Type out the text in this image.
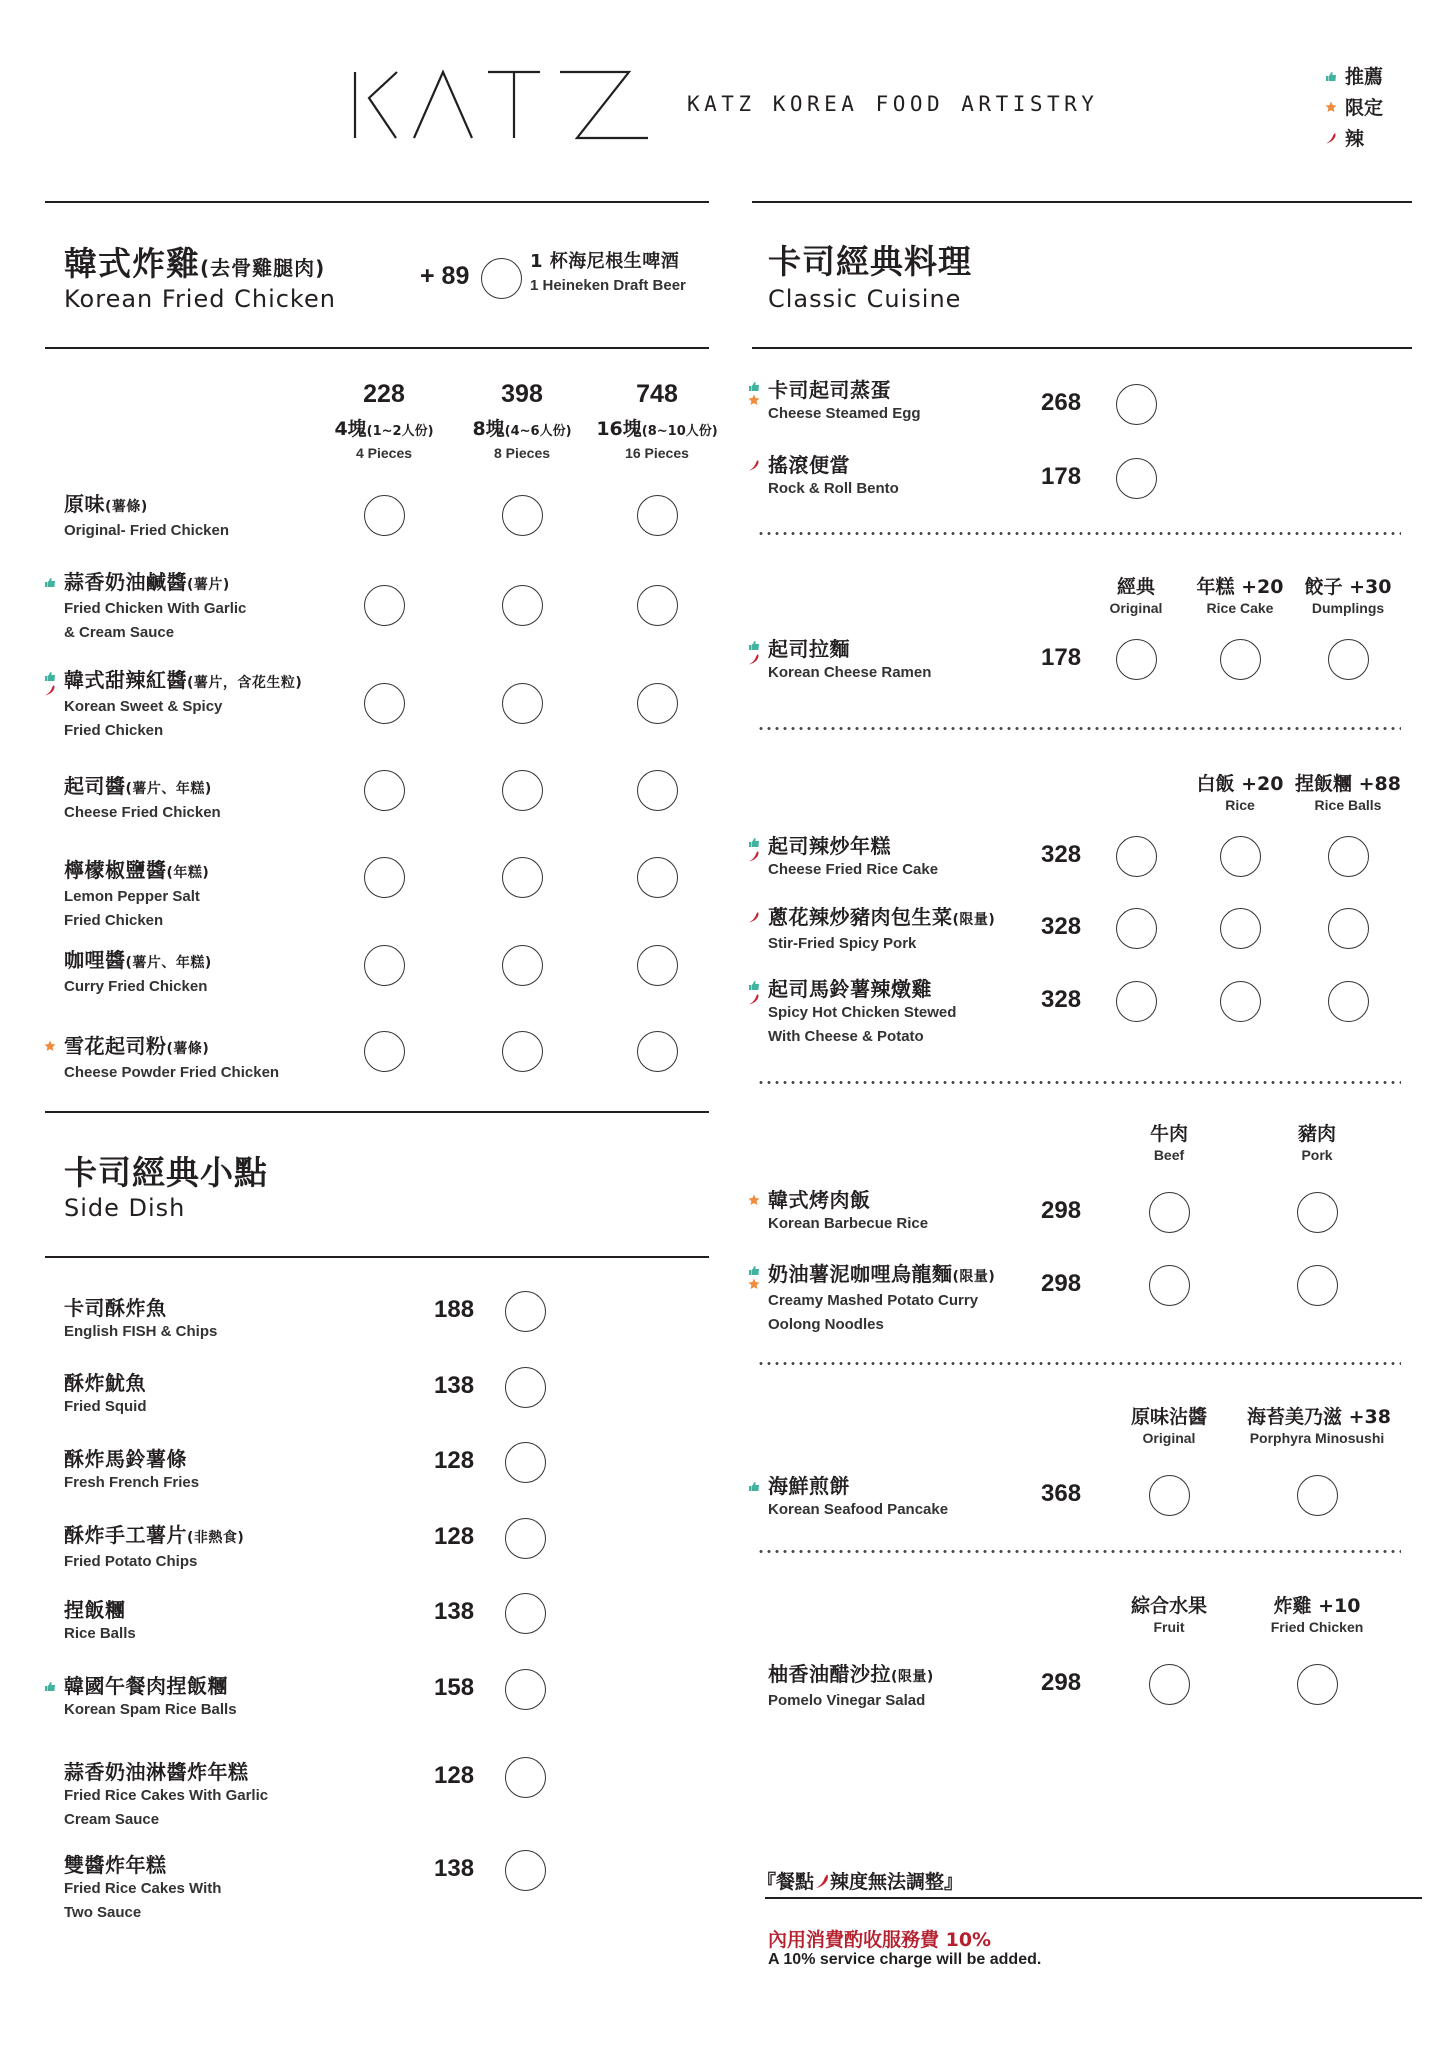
KATZ KOREA FOOD ARTISTRY
推薦
限定
辣
韓式炸雞(去骨雞腿肉)
Korean Fried Chicken
+ 89
1 杯海尼根生啤酒
1 Heineken Draft Beer
228
4塊(1~2人份)
4 Pieces
398
8塊(4~6人份)
8 Pieces
748
16塊(8~10人份)
16 Pieces
原味(薯條)
Original- Fried Chicken
蒜香奶油鹹醬(薯片)
Fried Chicken With Garlic
& Cream Sauce
韓式甜辣紅醬(薯片，含花生粒)
Korean Sweet & Spicy
Fried Chicken
起司醬(薯片、年糕)
Cheese Fried Chicken
檸檬椒鹽醬(年糕)
Lemon Pepper Salt
Fried Chicken
咖哩醬(薯片、年糕)
Curry Fried Chicken
雪花起司粉(薯條)
Cheese Powder Fried Chicken
卡司經典小點
Side Dish
卡司酥炸魚
English FISH & Chips
188
酥炸魷魚
Fried Squid
138
酥炸馬鈴薯條
Fresh French Fries
128
酥炸手工薯片(非熱食)
Fried Potato Chips
128
捏飯糰
Rice Balls
138
韓國午餐肉捏飯糰
Korean Spam Rice Balls
158
蒜香奶油淋醬炸年糕
Fried Rice Cakes With Garlic
Cream Sauce
128
雙醬炸年糕
Fried Rice Cakes With
Two Sauce
138
卡司經典料理
Classic Cuisine
卡司起司蒸蛋
Cheese Steamed Egg	268
搖滾便當
Rock & Roll Bento	178
經典
Original
年糕 +20
Rice Cake
餃子 +30
Dumplings
起司拉麵
Korean Cheese Ramen
178
白飯 +20
Rice
捏飯糰 +88
Rice Balls
起司辣炒年糕
Cheese Fried Rice Cake
328
蔥花辣炒豬肉包生菜(限量)
Stir-Fried Spicy Pork
328
起司馬鈴薯辣燉雞
Spicy Hot Chicken Stewed
With Cheese & Potato
328
牛肉
Beef
豬肉
Pork
韓式烤肉飯
Korean Barbecue Rice	298
奶油薯泥咖哩烏龍麵(限量)
Creamy Mashed Potato Curry
Oolong Noodles
298
原味沾醬
Original
海苔美乃滋 +38
Porphyra Minosushi
海鮮煎餅
Korean Seafood Pancake
368
綜合水果
Fruit
炸雞 +10
Fried Chicken
柚香油醋沙拉(限量)
Pomelo Vinegar Salad
298
『餐點 辣度無法調整』
內用消費酌收服務費 10%
A 10% service charge will be added.
